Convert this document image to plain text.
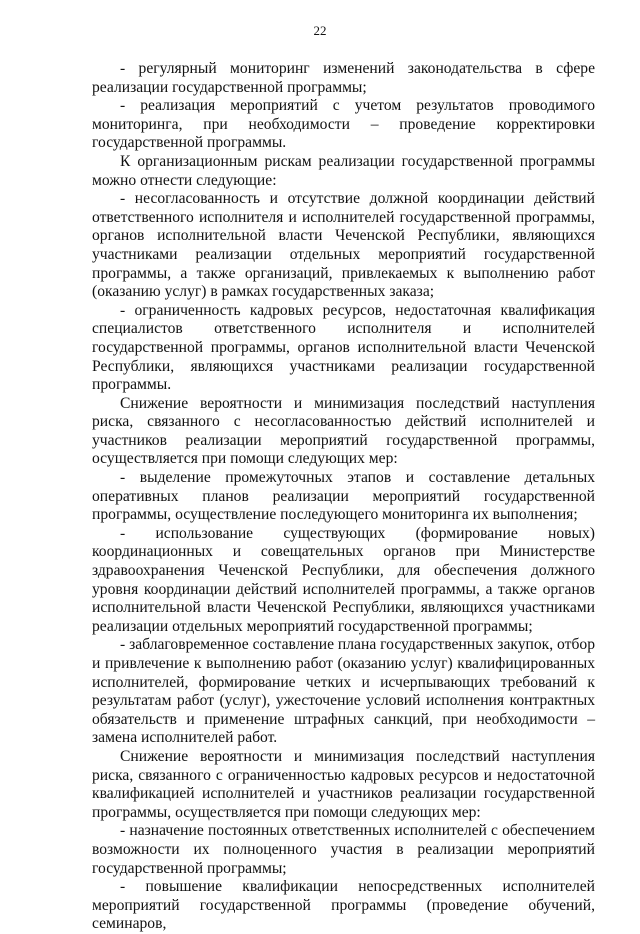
22

- регулярный мониторинг изменений законодательства в сфере реализации государственной программы;

- реализация мероприятий с учетом результатов проводимого мониторинга, при необходимости – проведение корректировки государственной программы.

К организационным рискам реализации государственной программы можно отнести следующие:

- несогласованность и отсутствие должной координации действий ответственного исполнителя и исполнителей государственной программы, органов исполнительной власти Чеченской Республики, являющихся участниками реализации отдельных мероприятий государственной программы, а также организаций, привлекаемых к выполнению работ (оказанию услуг) в рамках государственных заказа;

- ограниченность кадровых ресурсов, недостаточная квалификация специалистов ответственного исполнителя и исполнителей государственной программы, органов исполнительной власти Чеченской Республики, являющихся участниками реализации государственной программы.

Снижение вероятности и минимизация последствий наступления риска, связанного с несогласованностью действий исполнителей и участников реализации мероприятий государственной программы, осуществляется при помощи следующих мер:

- выделение промежуточных этапов и составление детальных оперативных планов реализации мероприятий государственной программы, осуществление последующего мониторинга их выполнения;

- использование существующих (формирование новых) координационных и совещательных органов при Министерстве здравоохранения Чеченской Республики, для обеспечения должного уровня координации действий исполнителей программы, а также органов исполнительной власти Чеченской Республики, являющихся участниками реализации отдельных мероприятий государственной программы;

- заблаговременное составление плана государственных закупок, отбор и привлечение к выполнению работ (оказанию услуг) квалифицированных исполнителей, формирование четких и исчерпывающих требований к результатам работ (услуг), ужесточение условий исполнения контрактных обязательств и применение штрафных санкций, при необходимости – замена исполнителей работ.

Снижение вероятности и минимизация последствий наступления риска, связанного с ограниченностью кадровых ресурсов и недостаточной квалификацией исполнителей и участников реализации государственной программы, осуществляется при помощи следующих мер:

- назначение постоянных ответственных исполнителей с обеспечением возможности их полноценного участия в реализации мероприятий государственной программы;

- повышение квалификации непосредственных исполнителей мероприятий государственной программы (проведение обучений, семинаров,
